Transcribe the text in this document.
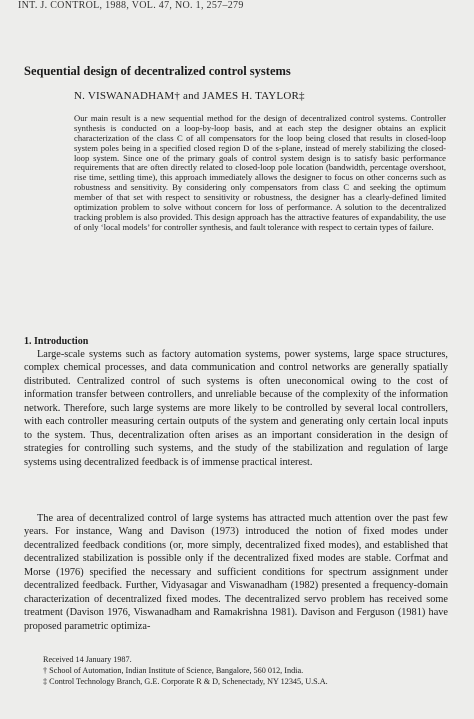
INT. J. CONTROL, 1988, VOL. 47, NO. 1, 257–279
Sequential design of decentralized control systems
N. VISWANADHAM† and JAMES H. TAYLOR‡

Our main result is a new sequential method for the design of decentralized control systems. Controller synthesis is conducted on a loop-by-loop basis, and at each step the designer obtains an explicit characterization of the class C of all compensators for the loop being closed that results in closed-loop system poles being in a specified closed region D of the s-plane, instead of merely stabilizing the closed-loop system. Since one of the primary goals of control system design is to satisfy basic performance requirements that are often directly related to closed-loop pole location (bandwidth, percentage overshoot, rise time, settling time), this approach immediately allows the designer to focus on other concerns such as robustness and sensitivity. By considering only compensators from class C and seeking the optimum member of that set with respect to sensitivity or robustness, the designer has a clearly-defined limited optimization problem to solve without concern for loss of performance. A solution to the decentralized tracking problem is also provided. This design approach has the attractive features of expandability, the use of only ‘local models’ for controller synthesis, and fault tolerance with respect to certain types of failure.

1. Introduction

Large-scale systems such as factory automation systems, power systems, large space structures, complex chemical processes, and data communication and control networks are generally spatially distributed. Centralized control of such systems is often uneconomical owing to the cost of information transfer between controllers, and unreliable because of the complexity of the information network. Therefore, such large systems are more likely to be controlled by several local controllers, with each controller measuring certain outputs of the system and generating only certain local inputs to the system. Thus, decentralization often arises as an important consideration in the design of strategies for controlling such systems, and the study of the stabilization and regulation of large systems using decentralized feedback is of immense practical interest.

The area of decentralized control of large systems has attracted much attention over the past few years. For instance, Wang and Davison (1973) introduced the notion of fixed modes under decentralized feedback conditions (or, more simply, decentralized fixed modes), and established that decentralized stabilization is possible only if the decentralized fixed modes are stable. Corfmat and Morse (1976) specified the necessary and sufficient conditions for spectrum assignment under decentralized feedback. Further, Vidyasagar and Viswanadham (1982) presented a frequency-domain characterization of decentralized fixed modes. The decentralized servo problem has received some treatment (Davison 1976, Viswanadham and Ramakrishna 1981). Davison and Ferguson (1981) have proposed parametric optimiza-

Received 14 January 1987.
† School of Automation, Indian Institute of Science, Bangalore, 560 012, India.
‡ Control Technology Branch, G.E. Corporate R & D, Schenectady, NY 12345, U.S.A.
